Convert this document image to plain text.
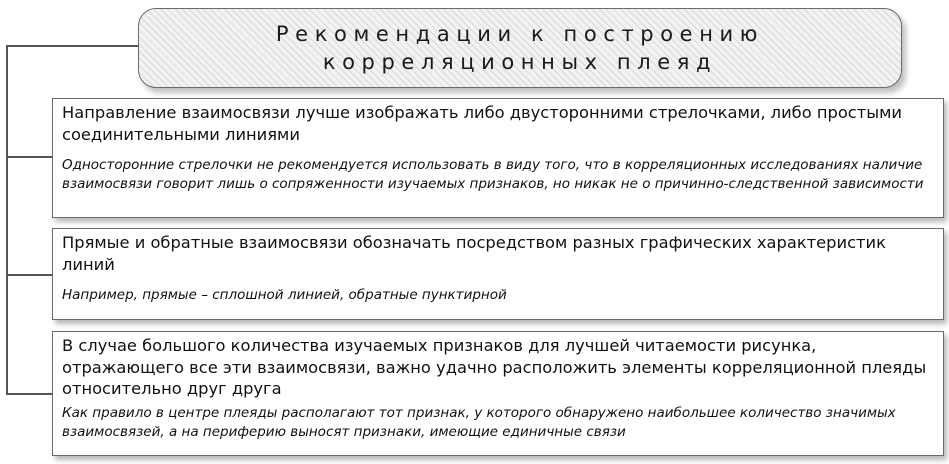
Рекомендации к построению
корреляционных плеяд
Направление взаимосвязи лучше изображать либо двусторонними стрелочками, либо простыми соединительными линиями
Односторонние стрелочки не рекомендуется использовать в виду того, что в корреляционных исследованиях наличие взаимосвязи говорит лишь о сопряженности изучаемых признаков, но никак не о причинно-следственной зависимости
Прямые и обратные взаимосвязи обозначать посредством разных графических характеристик линий
Например, прямые – сплошной линией, обратные пунктирной
В случае большого количества изучаемых признаков для лучшей читаемости рисунка, отражающего все эти взаимосвязи, важно удачно расположить элементы корреляционной плеяды относительно друг друга
Как правило в центре плеяды располагают тот признак, у которого обнаружено наибольшее количество значимых взаимосвязей, а на периферию выносят признаки, имеющие единичные связи
